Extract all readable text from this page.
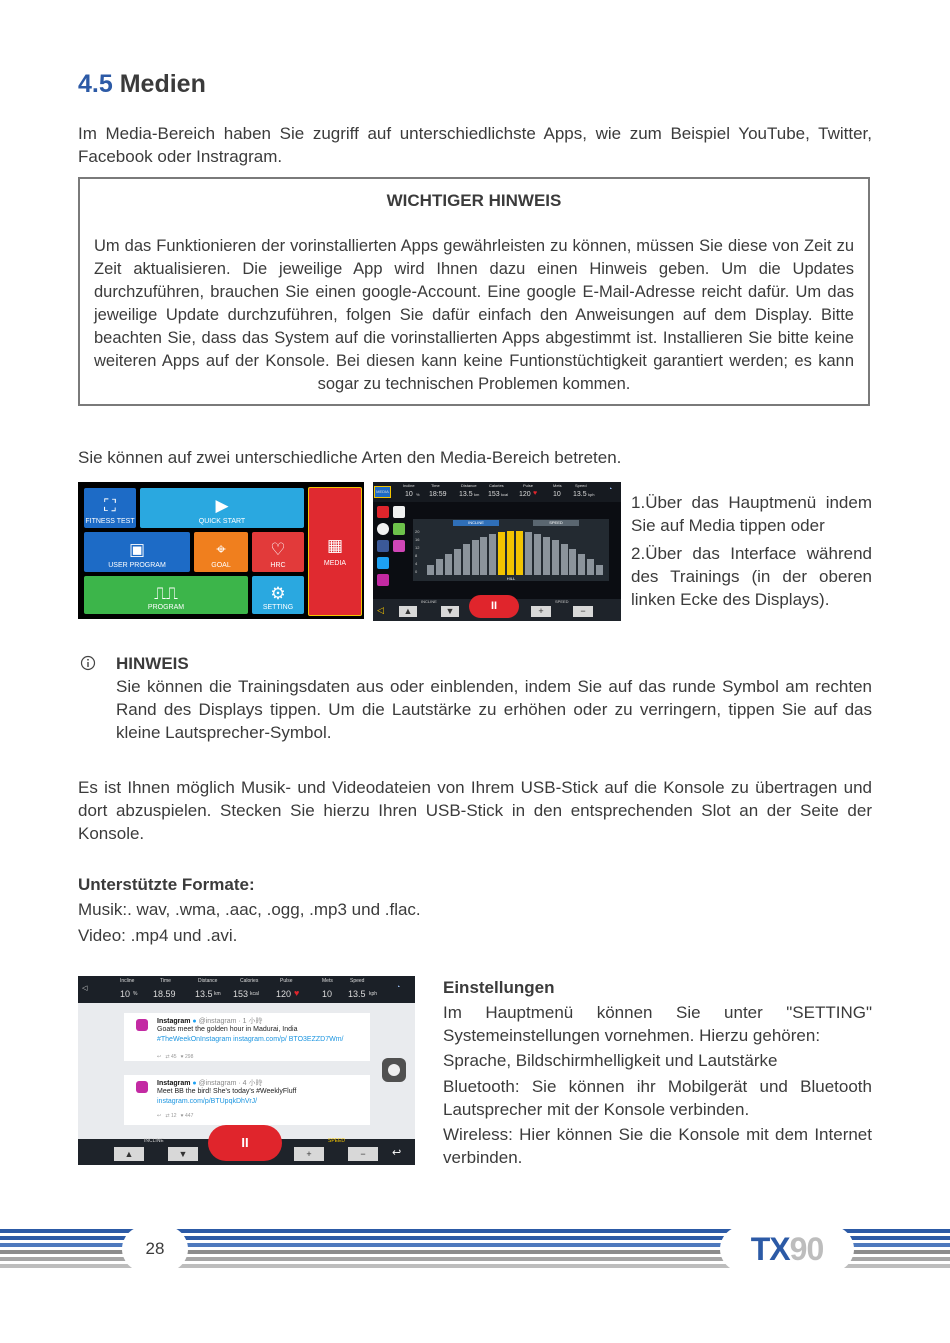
4.5 Medien
Im Media-Bereich haben Sie zugriff auf unterschiedlichste Apps, wie zum Beispiel YouTube, Twitter, Facebook oder Instragram.
WICHTIGER HINWEIS
Um das Funktionieren der vorinstallierten Apps gewährleisten zu können, müssen Sie diese von Zeit zu Zeit aktualisieren. Die jeweilige App wird Ihnen dazu einen Hinweis geben. Um die Updates durchzuführen, brauchen Sie einen google-Account. Eine google E-Mail-Adresse reicht dafür. Um das jeweilige Update durchzuführen, folgen Sie dafür einfach den Anweisungen auf dem Display. Bitte beachten Sie, dass das System auf die vorinstallierten Apps abgestimmt ist. Installieren Sie bitte keine weiteren Apps auf der Konsole. Bei diesen kann keine Funtionstüchtigkeit garantiert werden; es kann sogar zu technischen Problemen kommen.
Sie können auf zwei unterschiedliche Arten den Media-Bereich betreten.
⛶
FITNESS TEST
▶
QUICK START
▣
USER PROGRAM
⌖
GOAL
♡
HRC
▦
MEDIA
⎍⎍
PROGRAM
⚙
SETTING
MEDIA
Incline	Time	Distance	Calories	Pulse	Mets	Speed
10 % 18:59 13.5 km 153 kcal 120 ♥ 10 13.5 kph
◔
INCLINE	SPEED
20
16
12
8
4
0
HILL
◁
INCLINE
▲	▼	II	SPEED
+	−
1.Über das Hauptmenü indem Sie auf Media tippen oder
2.Über das Interface während des Trainings (in der oberen linken Ecke des Displays).
HINWEIS
Sie können die Trainingsdaten aus oder einblenden, indem Sie auf das runde Symbol am rechten Rand des Displays tippen. Um die Lautstärke zu erhöhen oder zu verringern, tippen Sie auf das kleine Lautsprecher-Symbol.
Es ist Ihnen möglich Musik- und Videodateien von Ihrem USB-Stick auf die Konsole zu übertragen und dort abzuspielen. Stecken Sie hierzu Ihren USB-Stick in den entsprechenden Slot an der Seite der Konsole.
Unterstützte Formate:
Musik:. wav, .wma, .aac, .ogg, .mp3 und .flac.
Video: .mp4 und .avi.
◁
Incline	Time	Distance	Calories	Pulse	Mets	Speed
10 % 18.59 13.5 km 153 kcal 120 ♥	10 13.5 kph
◔
Instagram ● @instagram · 1 小時
Goats meet the golden hour in Madurai, India
#TheWeekOnInstagram instagram.com/p/ BTO3EZZD7Wm/
↩   ⇄ 45   ♥ 298
Instagram ● @instagram · 4 小時
Meet BB the bird! She's today's #WeeklyFluff
instagram.com/p/BTUpqkDhVrJ/
↩   ⇄ 12   ♥ 447
INCLINE
▲	▼
II	SPEED
+	−	↩
Einstellungen
Im Hauptmenü können Sie unter "SETTING" Systemeinstellungen vornehmen. Hierzu gehören:
Sprache, Bildschirmhelligkeit und Lautstärke
Bluetooth: Sie können ihr Mobilgerät und Bluetooth Lautsprecher mit der Konsole verbinden.
Wireless: Hier können Sie die Konsole mit dem Internet verbinden.
28	TX90
